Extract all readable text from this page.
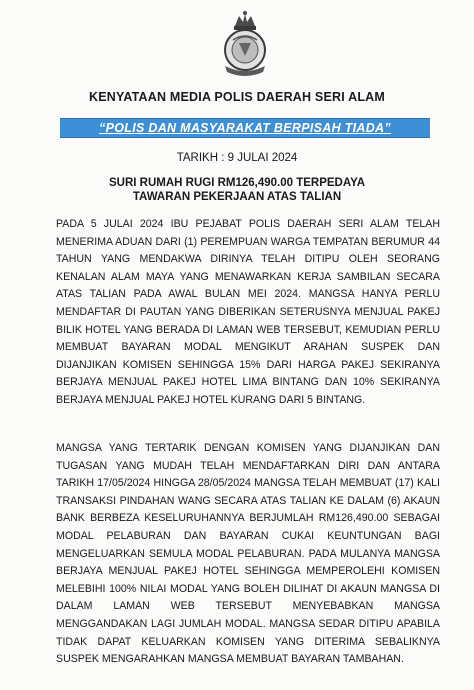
KENYATAAN MEDIA POLIS DAERAH SERI ALAM
“POLIS DAN MASYARAKAT BERPISAH TIADA”
TARIKH : 9 JULAI 2024
SURI RUMAH RUGI RM126,490.00 TERPEDAYA
TAWARAN PEKERJAAN ATAS TALIAN

PADA 5 JULAI 2024 IBU PEJABAT POLIS DAERAH SERI ALAM TELAH MENERIMA ADUAN DARI (1) PEREMPUAN WARGA TEMPATAN BERUMUR 44 TAHUN YANG MENDAKWA DIRINYA TELAH DITIPU OLEH SEORANG KENALAN ALAM MAYA YANG MENAWARKAN KERJA SAMBILAN SECARA ATAS TALIAN PADA AWAL BULAN MEI 2024. MANGSA HANYA PERLU MENDAFTAR DI PAUTAN YANG DIBERIKAN SETERUSNYA MENJUAL PAKEJ BILIK HOTEL YANG BERADA DI LAMAN WEB TERSEBUT, KEMUDIAN PERLU MEMBUAT BAYARAN MODAL MENGIKUT ARAHAN SUSPEK DAN DIJANJIKAN KOMISEN SEHINGGA 15% DARI HARGA PAKEJ SEKIRANYA BERJAYA MENJUAL PAKEJ HOTEL LIMA BINTANG DAN 10% SEKIRANYA BERJAYA MENJUAL PAKEJ HOTEL KURANG DARI 5 BINTANG.

MANGSA YANG TERTARIK DENGAN KOMISEN YANG DIJANJIKAN DAN TUGASAN YANG MUDAH TELAH MENDAFTARKAN DIRI DAN ANTARA TARIKH 17/05/2024 HINGGA 28/05/2024 MANGSA TELAH MEMBUAT (17) KALI TRANSAKSI PINDAHAN WANG SECARA ATAS TALIAN KE DALAM (6) AKAUN BANK BERBEZA KESELURUHANNYA BERJUMLAH RM126,490.00 SEBAGAI MODAL PELABURAN DAN BAYARAN CUKAI KEUNTUNGAN BAGI MENGELUARKAN SEMULA MODAL PELABURAN. PADA MULANYA MANGSA BERJAYA MENJUAL PAKEJ HOTEL SEHINGGA MEMPEROLEHI KOMISEN MELEBIHI 100% NILAI MODAL YANG BOLEH DILIHAT DI AKAUN MANGSA DI DALAM LAMAN WEB TERSEBUT MENYEBABKAN MANGSA MENGGANDAKAN LAGI JUMLAH MODAL. MANGSA SEDAR DITIPU APABILA TIDAK DAPAT KELUARKAN KOMISEN YANG DITERIMA SEBALIKNYA SUSPEK MENGARAHKAN MANGSA MEMBUAT BAYARAN TAMBAHAN.
